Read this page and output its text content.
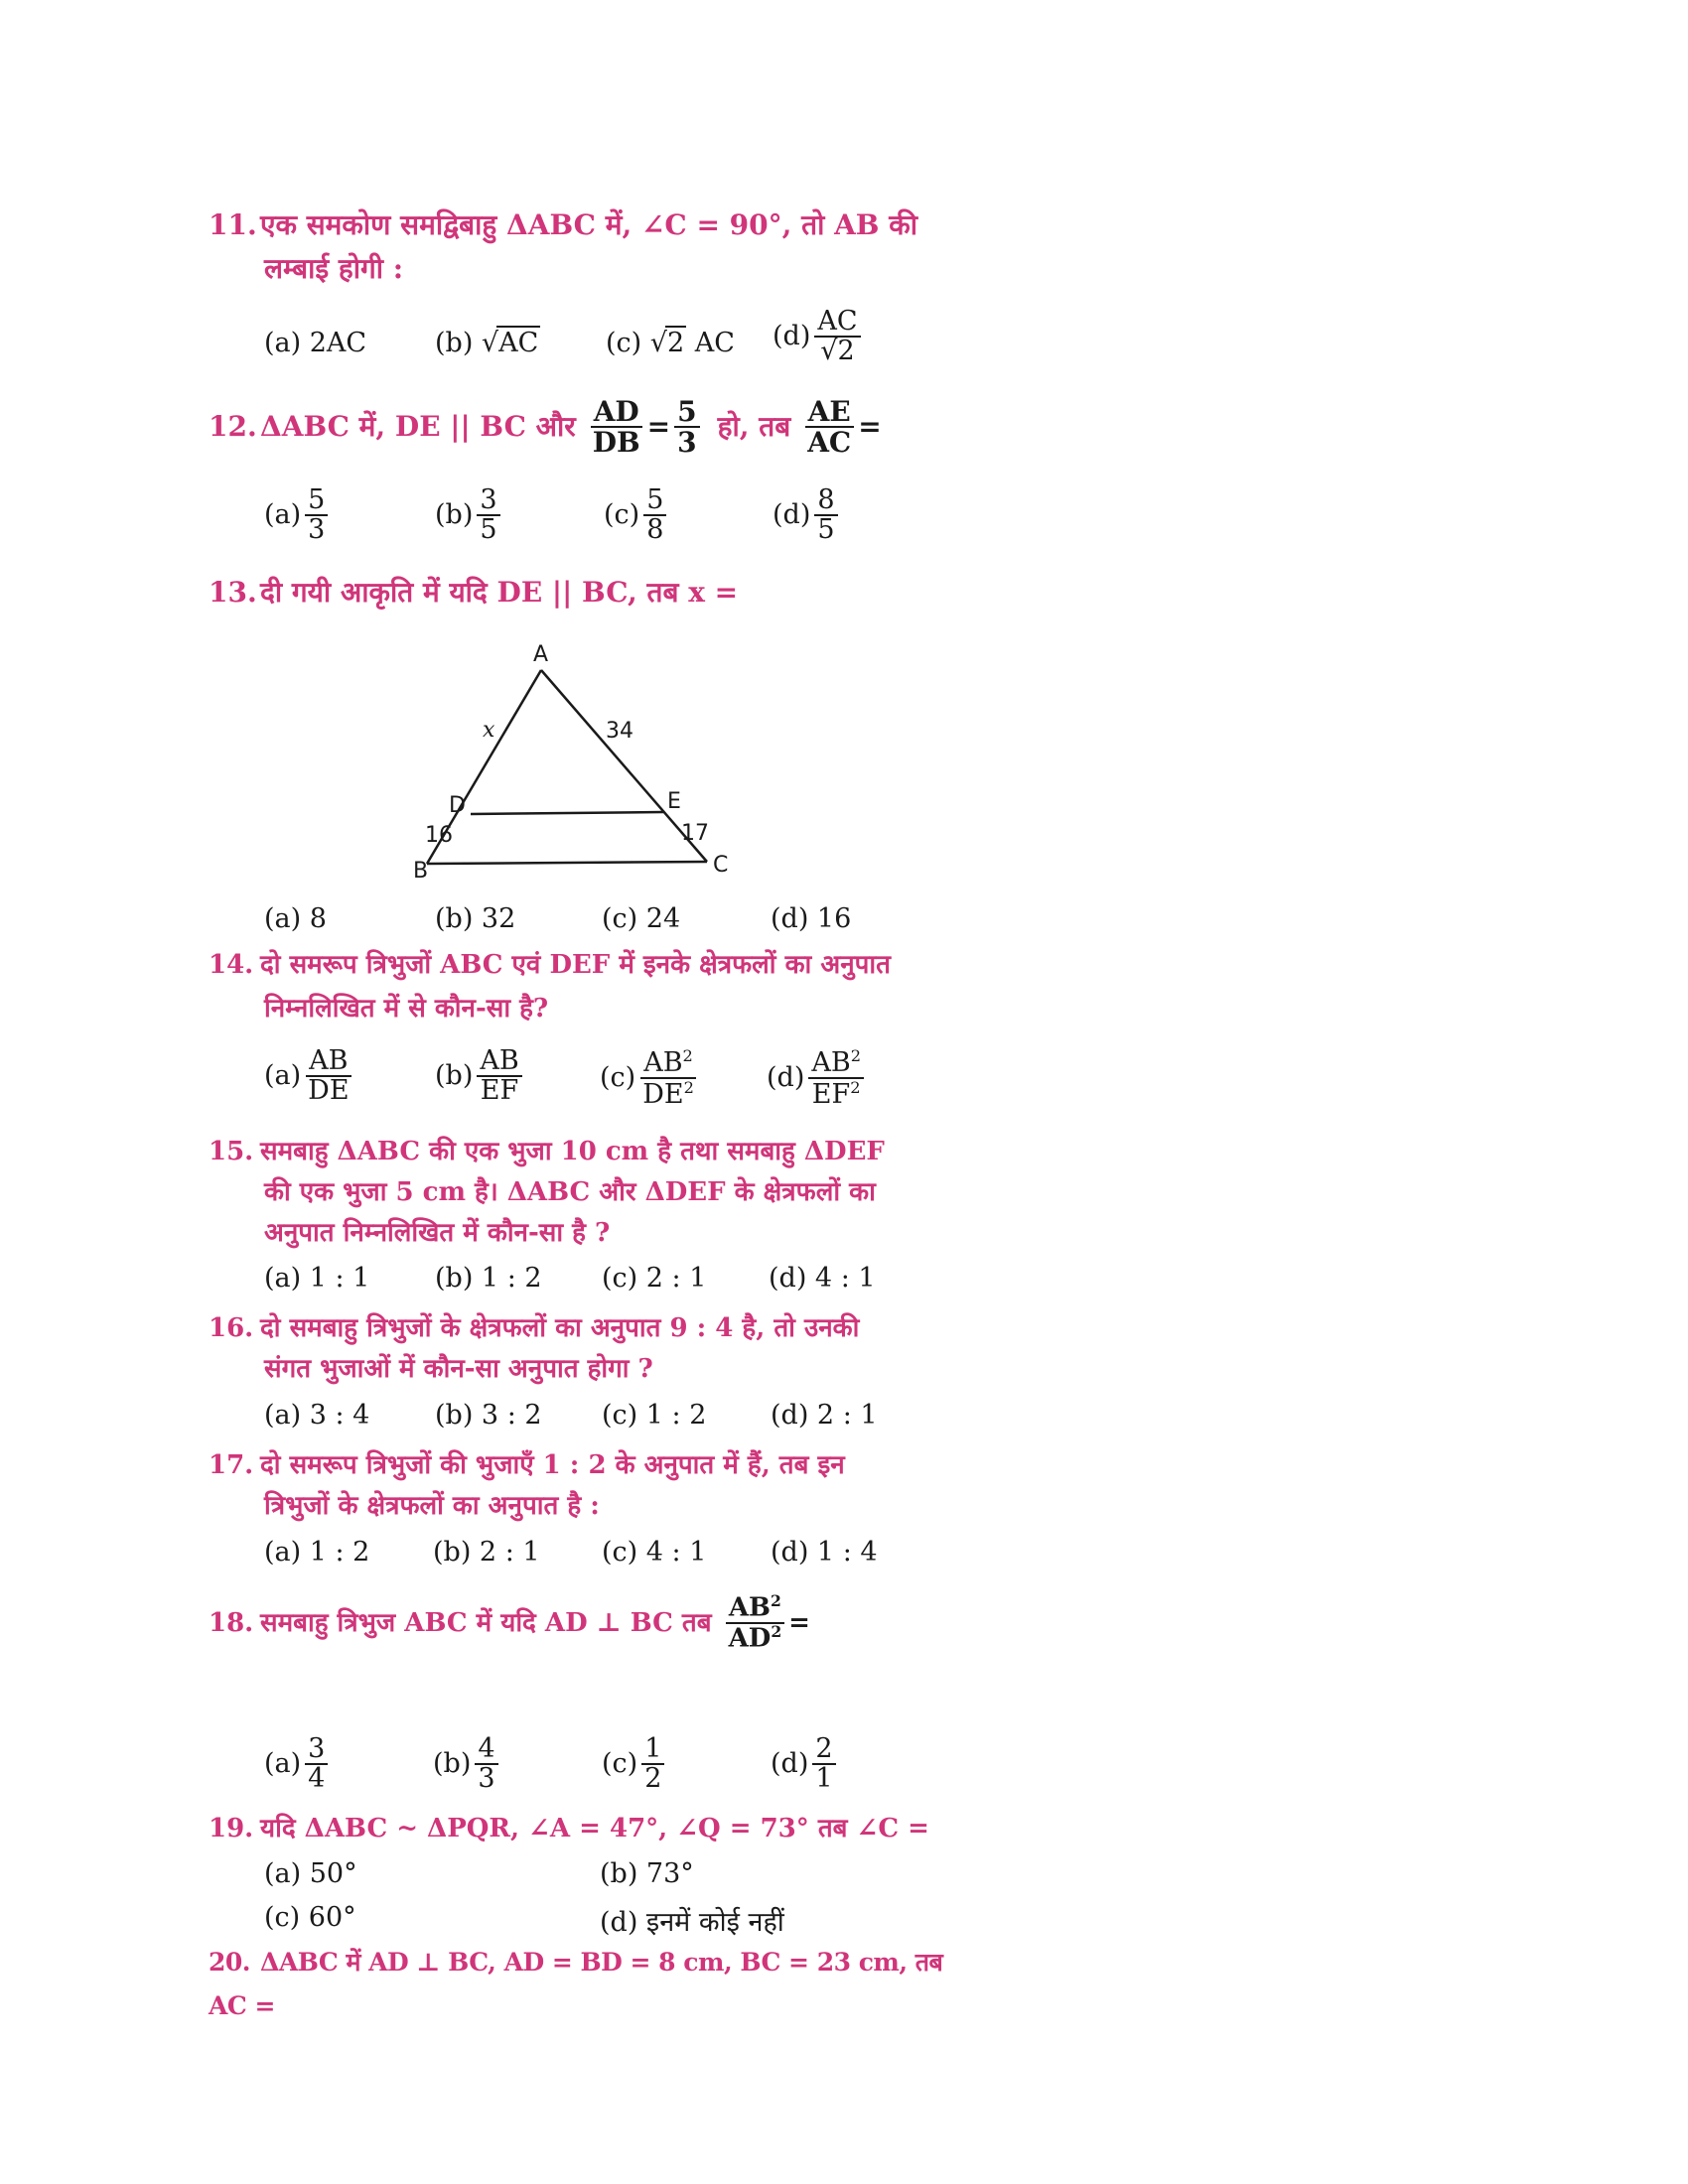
11. एक समकोण समद्विबाहु ΔABC में, ∠C = 90°, तो AB की
लम्बाई होगी :
(a) 2AC	(b) √AC	(c) √2 AC $(d) \frac{AC}{√2}$
12. ΔABC में, DE || BC और $\frac{AD}{DB} = \frac{5}{3}$ हो, तब $\frac{AE}{AC}$ =
$(a) \frac{5}{3}$	$(b) \frac{3}{5}$	$(c) \frac{5}{8}$	$(d) \frac{8}{5}$
13. दी गयी आकृति में यदि DE || BC, तब x =
A
B	C
D	E
x	34
16	17
(a) 8	(b) 32	(c) 24	(d) 16
14. दो समरूप त्रिभुजों ABC एवं DEF में इनके क्षेत्रफलों का अनुपात
निम्नलिखित में से कौन-सा है?
$(a) \frac{AB}{DE}$	$(b) \frac{AB}{EF}$	$(c) \frac{AB^2}{DE^2}$	$(d) \frac{AB^2}{EF^2}$
15. समबाहु ΔABC की एक भुजा 10 cm है तथा समबाहु ΔDEF
की एक भुजा 5 cm है। ΔABC और ΔDEF के क्षेत्रफलों का
अनुपात निम्नलिखित में कौन-सा है ?
(a) 1 : 1 (b) 1 : 2 (c) 2 : 1 (d) 4 : 1
16. दो समबाहु त्रिभुजों के क्षेत्रफलों का अनुपात 9 : 4 है, तो उनकी
संगत भुजाओं में कौन-सा अनुपात होगा ?
(a) 3 : 4 (b) 3 : 2 (c) 1 : 2 (d) 2 : 1
17. दो समरूप त्रिभुजों की भुजाएँ 1 : 2 के अनुपात में हैं, तब इन
त्रिभुजों के क्षेत्रफलों का अनुपात है :
(a) 1 : 2 (b) 2 : 1 (c) 4 : 1 (d) 1 : 4
18. समबाहु त्रिभुज ABC में यदि AD ⊥ BC तब $\frac{AB^2}{AD^2}$ =
$(a) \frac{3}{4}$	$(b) \frac{4}{3}$	$(c) \frac{1}{2}$	$(d) \frac{2}{1}$
19. यदि ΔABC ~ ΔPQR, ∠A = 47°, ∠Q = 73° तब ∠C =
(a) 50°	(b) 73°
(c) 60°	(d) इनमें कोई नहीं
20. ΔABC में AD ⊥ BC, AD = BD = 8 cm, BC = 23 cm, तब AC =
